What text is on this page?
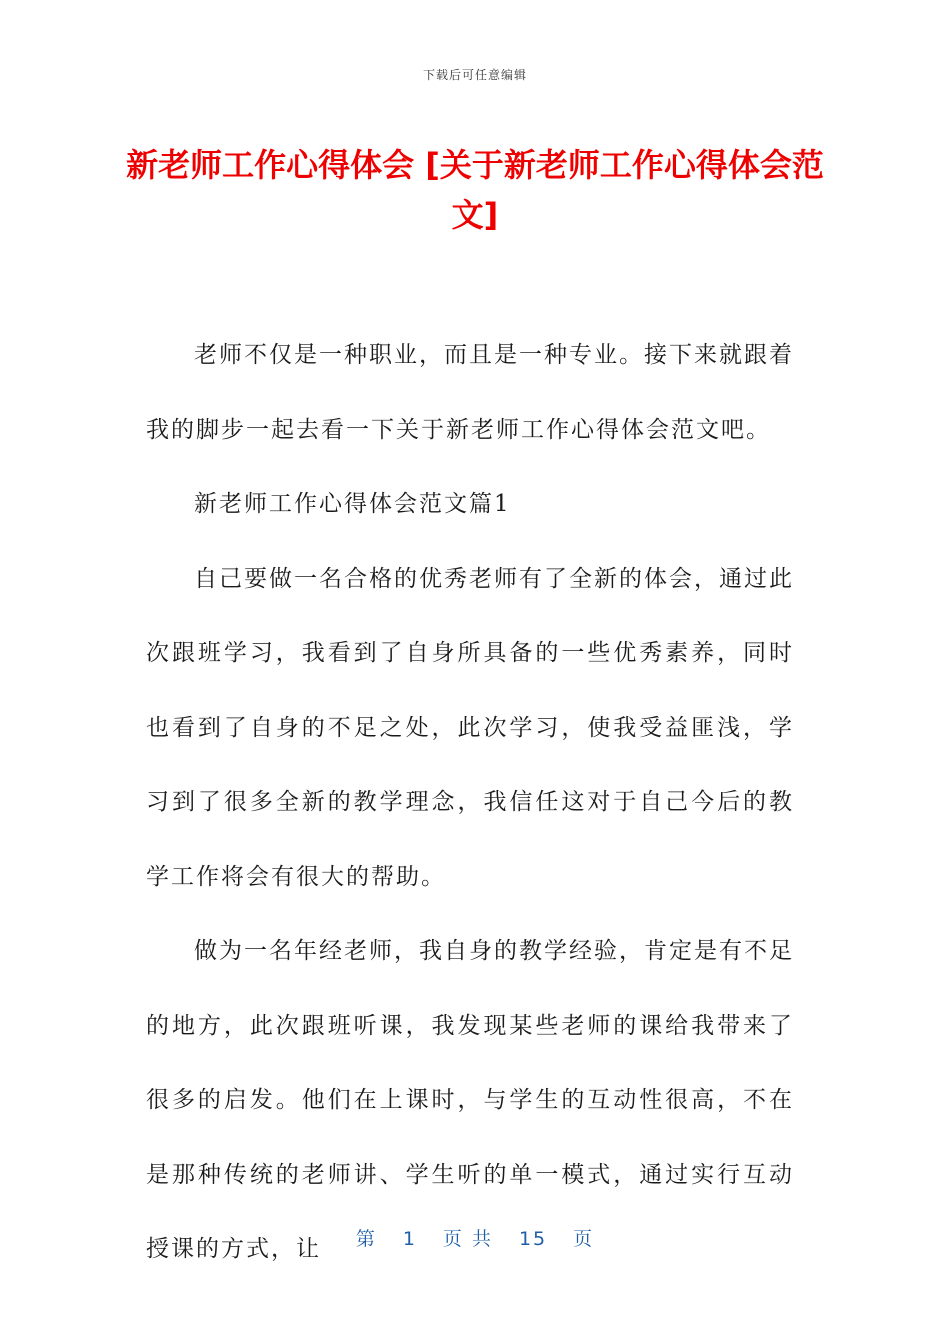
下载后可任意编辑
新老师工作心得体会 [关于新老师工作心得体会范文]

老师不仅是一种职业，而且是一种专业。接下来就跟着我的脚步一起去看一下关于新老师工作心得体会范文吧。

新老师工作心得体会范文篇1

自己要做一名合格的优秀老师有了全新的体会，通过此次跟班学习，我看到了自身所具备的一些优秀素养，同时也看到了自身的不足之处，此次学习，使我受益匪浅，学习到了很多全新的教学理念，我信任这对于自己今后的教学工作将会有很大的帮助。

做为一名年经老师，我自身的教学经验，肯定是有不足的地方，此次跟班听课，我发现某些老师的课给我带来了很多的启发。他们在上课时，与学生的互动性很高，不在是那种传统的老师讲、学生听的单一模式，通过实行互动授课的方式，让	第 1 页 共 15 页
